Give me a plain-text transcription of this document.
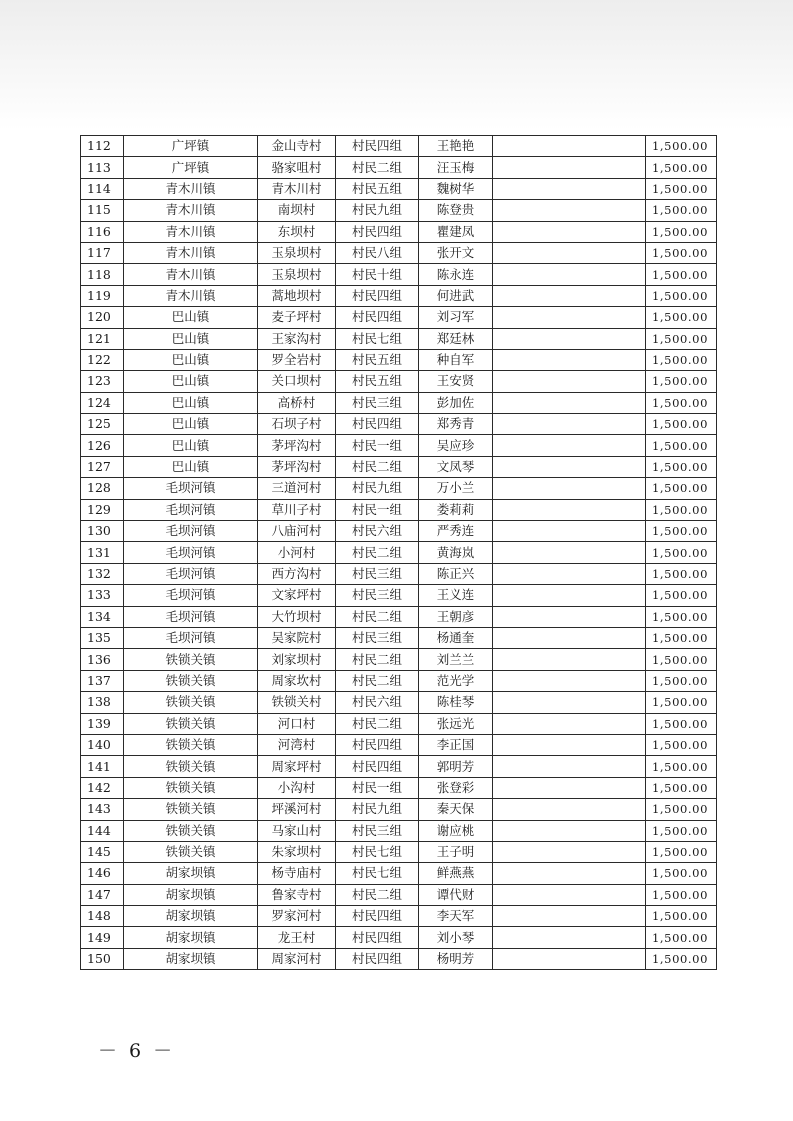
112	广坪镇	金山寺村	村民四组	王艳艳		1,500.00
113	广坪镇	骆家咀村	村民二组	汪玉梅		1,500.00
114	青木川镇	青木川村	村民五组	魏树华		1,500.00
115	青木川镇	南坝村	村民九组	陈登贵		1,500.00
116	青木川镇	东坝村	村民四组	瞿建凤		1,500.00
117	青木川镇	玉泉坝村	村民八组	张开文		1,500.00
118	青木川镇	玉泉坝村	村民十组	陈永连		1,500.00
119	青木川镇	蒿地坝村	村民四组	何进武		1,500.00
120	巴山镇	麦子坪村	村民四组	刘习军		1,500.00
121	巴山镇	王家沟村	村民七组	郑廷林		1,500.00
122	巴山镇	罗全岩村	村民五组	种自军		1,500.00
123	巴山镇	关口坝村	村民五组	王安贤		1,500.00
124	巴山镇	高桥村	村民三组	彭加佐		1,500.00
125	巴山镇	石坝子村	村民四组	郑秀青		1,500.00
126	巴山镇	茅坪沟村	村民一组	吴应珍		1,500.00
127	巴山镇	茅坪沟村	村民二组	文凤琴		1,500.00
128	毛坝河镇	三道河村	村民九组	万小兰		1,500.00
129	毛坝河镇	草川子村	村民一组	娄莉莉		1,500.00
130	毛坝河镇	八庙河村	村民六组	严秀连		1,500.00
131	毛坝河镇	小河村	村民二组	黄海岚		1,500.00
132	毛坝河镇	西方沟村	村民三组	陈正兴		1,500.00
133	毛坝河镇	文家坪村	村民三组	王义连		1,500.00
134	毛坝河镇	大竹坝村	村民二组	王朝彦		1,500.00
135	毛坝河镇	吴家院村	村民三组	杨通奎		1,500.00
136	铁锁关镇	刘家坝村	村民二组	刘兰兰		1,500.00
137	铁锁关镇	周家坎村	村民二组	范光学		1,500.00
138	铁锁关镇	铁锁关村	村民六组	陈桂琴		1,500.00
139	铁锁关镇	河口村	村民二组	张远光		1,500.00
140	铁锁关镇	河湾村	村民四组	李正国		1,500.00
141	铁锁关镇	周家坪村	村民四组	郭明芳		1,500.00
142	铁锁关镇	小沟村	村民一组	张登彩		1,500.00
143	铁锁关镇	坪溪河村	村民九组	秦天保		1,500.00
144	铁锁关镇	马家山村	村民三组	谢应桃		1,500.00
145	铁锁关镇	朱家坝村	村民七组	王子明		1,500.00
146	胡家坝镇	杨寺庙村	村民七组	鲜燕燕		1,500.00
147	胡家坝镇	鲁家寺村	村民二组	谭代财		1,500.00
148	胡家坝镇	罗家河村	村民四组	李天军		1,500.00
149	胡家坝镇	龙王村	村民四组	刘小琴		1,500.00
150	胡家坝镇	周家河村	村民四组	杨明芳		1,500.00
－ 6 －
